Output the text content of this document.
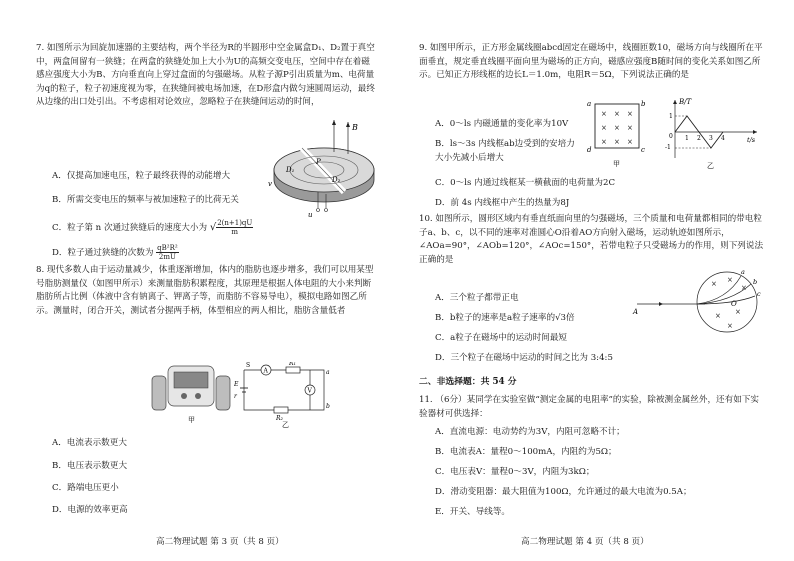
7. 如图所示为回旋加速器的主要结构，两个半径为R的半圆形中空金属盒D₁、D₂置于真空中，两盒间留有一狭缝；在两盒的狭缝处加上大小为U的高频交变电压，空间中存在着磁感应强度大小为B、方向垂直向上穿过盒面的匀强磁场。从粒子源P引出质量为m、电荷量为q的粒子，粒子初速度视为零，在狭缝间被电场加速，在D形盒内做匀速圆周运动，最终从边缘的出口处引出。不考虑相对论效应，忽略粒子在狭缝间运动的时间，

A．仅提高加速电压，粒子最终获得的动能增大
B．所需交变电压的频率与被加速粒子的比荷无关
C．粒子第 n 次通过狭缝后的速度大小为 √ $\frac{2(n+1)qU}{m}$
D．粒子通过狭缝的次数为 $\frac{\text{qB²R²}}{2mU}$
B
D₁
P
D₂
v
u

8. 现代多数人由于运动量减少，体重逐渐增加，体内的脂肪也逐步增多，我们可以用某型号脂肪测量仪（如图甲所示）来测量脂肪积累程度，其原理是根据人体电阻的大小来判断脂肪所占比例（体液中含有钠离子、钾离子等，而脂肪不容易导电），模拟电路如图乙所示。测量时，闭合开关，测试者分握两手柄，体型相应的两人相比，脂肪含量低者

甲
A
R₁
S
a
E
r
V
b
R₂
乙
A．电流表示数更大
B．电压表示数更大
C．路端电压更小
D．电源的效率更高
高二物理试题 第 3 页（共 8 页）

9. 如图甲所示，正方形金属线圈abcd固定在磁场中，线圈匝数10，磁场方向与线圈所在平面垂直，规定垂直线圈平面向里为磁场的正方向，磁感应强度B随时间的变化关系如图乙所示。已知正方形线框的边长L＝1.0m，电阻R＝5Ω，下列说法正确的是

A．0～ls 内磁通量的变化率为10V

B．ls～3s 内线框ab边受到的安培力大小先减小后增大

C．0～ls 内通过线框某一横截面的电荷量为2C
D．前 4s 内线框中产生的热量为8J
× × ×
× × ×
× × ×
a	b
c
d
甲
B/T
t/s
0
1
-1
1 2 3 4
乙

10. 如图所示，圆形区域内有垂直纸面向里的匀强磁场，三个质量和电荷量都相同的带电粒子a、b、c，以不同的速率对准圆心O沿着AO方向射入磁场，运动轨迹如图所示，∠AOa=90°，∠AOb=120°，∠AOc=150°，若带电粒子只受磁场力的作用，则下列说法正确的是

A．三个粒子都带正电
B．b粒子的速率是a粒子速率的√3倍
C．a粒子在磁场中的运动时间最短
D．三个粒子在磁场中运动的时间之比为 3:4:5
A
× ×
×
× ×
×
O
a
b
c
二、非选择题：共 54 分

11. （6分）某同学在实验室做“测定金属的电阻率”的实验，除被测金属丝外，还有如下实验器材可供选择：

A．直流电源：电动势约为3V，内阻可忽略不计；
B．电流表A：量程0～100mA，内阻约为5Ω；
C．电压表V：量程0～3V，内阻为3kΩ；
D．滑动变阻器：最大阻值为100Ω，允许通过的最大电流为0.5A；
E．开关、导线等。
高二物理试题 第 4 页（共 8 页）
